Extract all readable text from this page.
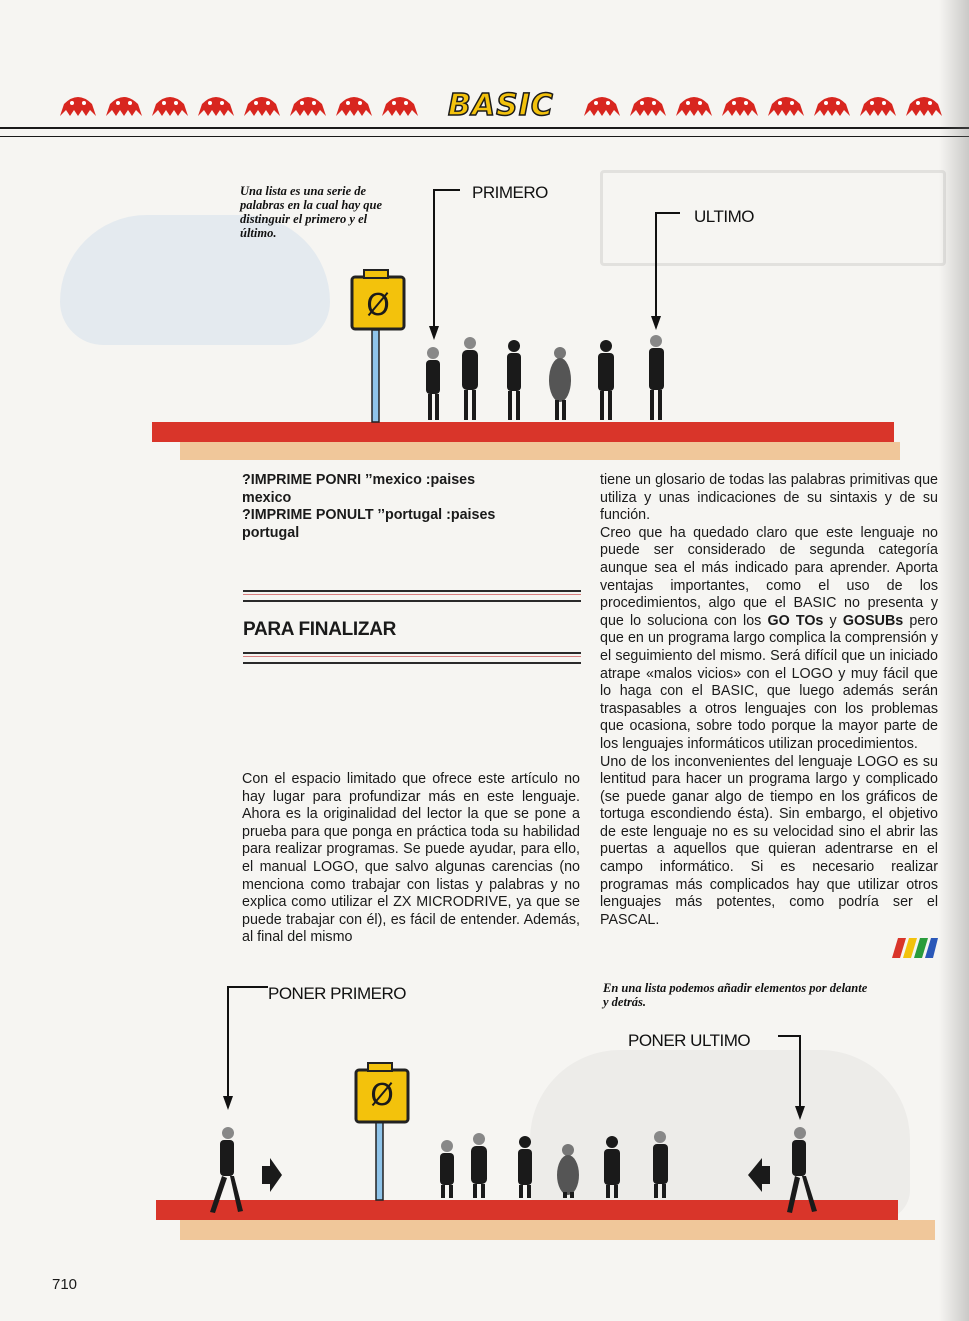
BASIC
Una lista es una serie de palabras en la cual hay que distinguir el primero y el último.
Ø
PRIMERO
ULTIMO
?IMPRIME PONRI ’’mexico :paises
mexico
?IMPRIME PONULT ’’portugal :paises
portugal
PARA FINALIZAR

Con el espacio limitado que ofrece este artículo no hay lugar para profundizar más en este lenguaje. Ahora es la originalidad del lector la que se pone a prueba para que ponga en práctica toda su habilidad para realizar programas. Se puede ayudar, para ello, el manual LOGO, que salvo algunas carencias (no menciona como trabajar con listas y palabras y no explica como utilizar el ZX MICRODRIVE, ya que se puede trabajar con él), es fácil de entender. Además, al final del mismo

tiene un glosario de todas las palabras primitivas que utiliza y unas indicaciones de su sintaxis y de su función.

Creo que ha quedado claro que este lenguaje no puede ser considerado de segunda categoría aunque sea el más indicado para aprender. Aporta ventajas importantes, como el uso de los procedimientos, algo que el BASIC no presenta y que lo soluciona con los GO TOs y GOSUBs pero que en un programa largo complica la comprensión y el seguimiento del mismo. Será difícil que un iniciado atrape «malos vicios» con el LOGO y muy fácil que lo haga con el BASIC, que luego además serán traspasables a otros lenguajes con los problemas que ocasiona, sobre todo porque la mayor parte de los lenguajes informáticos utilizan procedimientos.

Uno de los inconvenientes del lenguaje LOGO es su lentitud para hacer un programa largo y complicado (se puede ganar algo de tiempo en los gráficos de tortuga escondiendo ésta). Sin embargo, el objetivo de este lenguaje no es su velocidad sino el abrir las puertas a aquellos que quieran adentrarse en el campo informático. Si es necesario realizar programas más complicados hay que utilizar otros lenguajes más potentes, como podría ser el PASCAL.

En una lista podemos añadir elementos por delante y detrás.
Ø
PONER PRIMERO
PONER ULTIMO
710
